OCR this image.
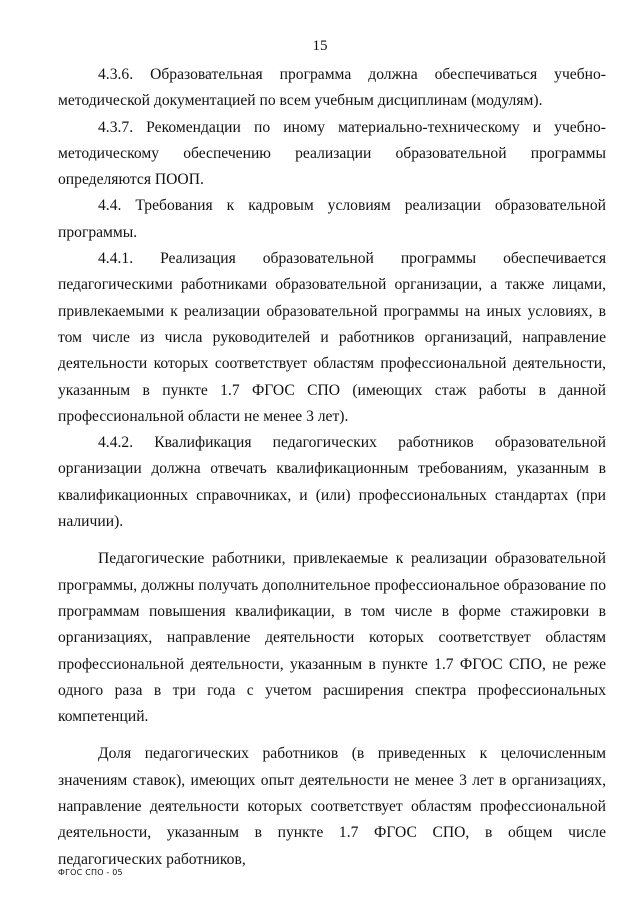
15

4.3.6. Образовательная программа должна обеспечиваться учебно-методической документацией по всем учебным дисциплинам (модулям).

4.3.7. Рекомендации по иному материально-техническому и учебно-методическому обеспечению реализации образовательной программы определяются ПООП.

4.4. Требования к кадровым условиям реализации образовательной программы.

4.4.1. Реализация образовательной программы обеспечивается педагогическими работниками образовательной организации, а также лицами, привлекаемыми к реализации образовательной программы на иных условиях, в том числе из числа руководителей и работников организаций, направление деятельности которых соответствует областям профессиональной деятельности, указанным в пункте 1.7 ФГОС СПО (имеющих стаж работы в данной профессиональной области не менее 3 лет).

4.4.2. Квалификация педагогических работников образовательной организации должна отвечать квалификационным требованиям, указанным в квалификационных справочниках, и (или) профессиональных стандартах (при наличии).

Педагогические работники, привлекаемые к реализации образовательной программы, должны получать дополнительное профессиональное образование по программам повышения квалификации, в том числе в форме стажировки в организациях, направление деятельности которых соответствует областям профессиональной деятельности, указанным в пункте 1.7 ФГОС СПО, не реже одного раза в три года с учетом расширения спектра профессиональных компетенций.

Доля педагогических работников (в приведенных к целочисленным значениям ставок), имеющих опыт деятельности не менее 3 лет в организациях, направление деятельности которых соответствует областям профессиональной деятельности, указанным в пункте 1.7 ФГОС СПО, в общем числе педагогических работников,

ФГОС СПО - 05
